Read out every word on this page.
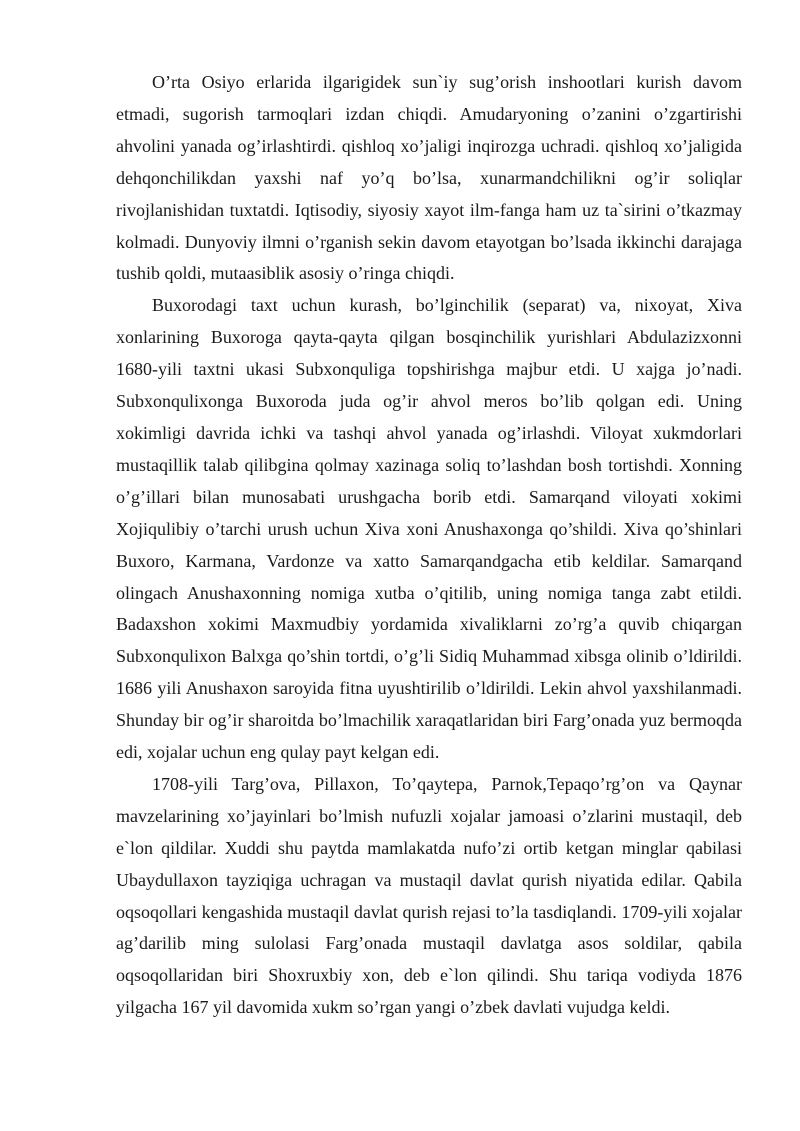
O’rta Osiyo erlarida ilgarigidek sun`iy sug’orish inshootlari kurish davom etmadi, sugorish tarmoqlari izdan chiqdi. Amudaryoning o’zanini o’zgartirishi ahvolini yanada og’irlashtirdi. qishloq xo’jaligi inqirozga uchradi. qishloq xo’jaligida dehqonchilikdan yaxshi naf yo’q bo’lsa, xunarmandchilikni og’ir soliqlar rivojlanishidan tuxtatdi. Iqtisodiy, siyosiy xayot ilm-fanga ham uz ta`sirini o’tkazmay kolmadi. Dunyoviy ilmni o’rganish sekin davom etayotgan bo’lsada ikkinchi darajaga tushib qoldi, mutaasiblik asosiy o’ringa chiqdi.

Buxorodagi taxt uchun kurash, bo’lginchilik (separat) va, nixoyat, Xiva xonlarining Buxoroga qayta-qayta qilgan bosqinchilik yurishlari Abdulazizxonni 1680-yili taxtni ukasi Subxonquliga topshirishga majbur etdi. U xajga jo’nadi. Subxonqulixonga Buxoroda juda og’ir ahvol meros bo’lib qolgan edi. Uning xokimligi davrida ichki va tashqi ahvol yanada og’irlashdi. Viloyat xukmdorlari mustaqillik talab qilibgina qolmay xazinaga soliq to’lashdan bosh tortishdi. Xonning o’g’illari bilan munosabati urushgacha borib etdi. Samarqand viloyati xokimi Xojiqulibiy o’tarchi urush uchun Xiva xoni Anushaxonga qo’shildi. Xiva qo’shinlari Buxoro, Karmana, Vardonze va xatto Samarqandgacha etib keldilar. Samarqand olingach Anushaxonning nomiga xutba o’qitilib, uning nomiga tanga zabt etildi. Badaxshon xokimi Maxmudbiy yordamida xivaliklarni zo’rg’a quvib chiqargan Subxonqulixon Balxga qo’shin tortdi, o’g’li Sidiq Muhammad xibsga olinib o’ldirildi. 1686 yili Anushaxon saroyida fitna uyushtirilib o’ldirildi. Lekin ahvol yaxshilanmadi. Shunday bir og’ir sharoitda bo’lmachilik xaraqatlaridan biri Farg’onada yuz bermoqda edi, xojalar uchun eng qulay payt kelgan edi.

1708-yili Targ’ova, Pillaxon, To’qaytepa, Parnok,Tepaqo’rg’on va Qaynar mavzelarining xo’jayinlari bo’lmish nufuzli xojalar jamoasi o’zlarini mustaqil, deb e`lon qildilar. Xuddi shu paytda mamlakatda nufo’zi ortib ketgan minglar qabilasi Ubaydullaxon tayziqiga uchragan va mustaqil davlat qurish niyatida edilar. Qabila oqsoqollari kengashida mustaqil davlat qurish rejasi to’la tasdiqlandi. 1709-yili xojalar ag’darilib ming sulolasi Farg’onada mustaqil davlatga asos soldilar, qabila oqsoqollaridan biri Shoxruxbiy xon, deb e`lon qilindi. Shu tariqa vodiyda 1876 yilgacha 167 yil davomida xukm so’rgan yangi o’zbek davlati vujudga keldi.
